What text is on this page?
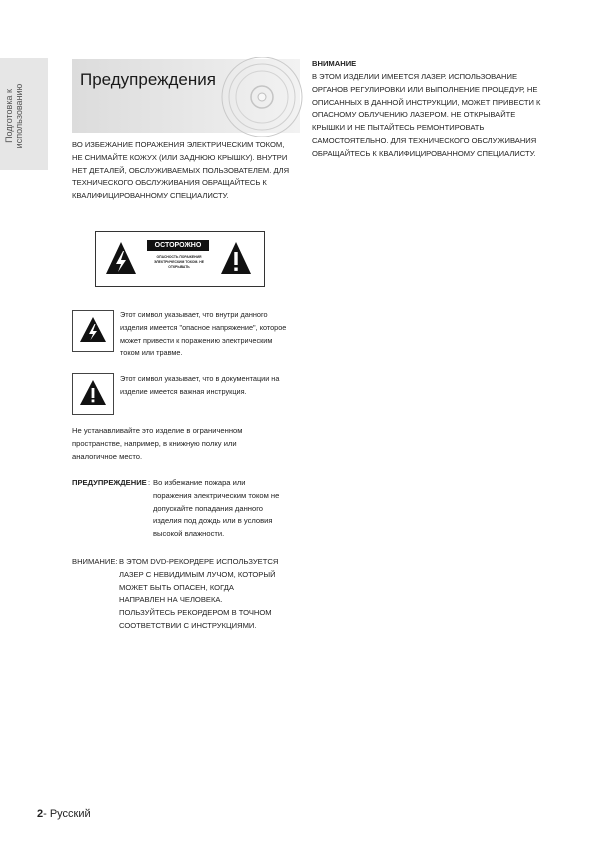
Подготовка к использованию
Предупреждения
ВО ИЗБЕЖАНИЕ ПОРАЖЕНИЯ ЭЛЕКТРИЧЕСКИМ ТОКОМ, НЕ СНИМАЙТЕ КОЖУХ (ИЛИ ЗАДНЮЮ КРЫШКУ). ВНУТРИ НЕТ ДЕТАЛЕЙ, ОБСЛУЖИВАЕМЫХ ПОЛЬЗОВАТЕЛЕМ. ДЛЯ ТЕХНИЧЕСКОГО ОБСЛУЖИВАНИЯ ОБРАЩАЙТЕСЬ К КВАЛИФИЦИРОВАННОМУ СПЕЦИАЛИСТУ.
ОСТОРОЖНО
ОПАСНОСТЬ ПОРАЖЕНИЯ ЭЛЕКТРИЧЕСКИМ ТОКОМ. НЕ ОТКРЫВАТЬ
Этот символ указывает, что внутри данного изделия имеется "опасное напряжение", которое может привести к поражению электрическим током или травме.
Этот символ указывает, что в документации на изделие имеется важная инструкция.
Не устанавливайте это изделие в ограниченном пространстве, например, в книжную полку или аналогичное место.
ПРЕДУПРЕЖДЕНИЕ : Во избежание пожара или
поражения электрическим током не
допускайте попадания данного
изделия под дождь или в условия
высокой влажности.
ВНИМАНИЕ: В ЭТОМ DVD-РЕКОРДЕРЕ ИСПОЛЬЗУЕТСЯ
ЛАЗЕР С НЕВИДИМЫМ ЛУЧОМ, КОТОРЫЙ
МОЖЕТ БЫТЬ ОПАСЕН, КОГДА
НАПРАВЛЕН НА ЧЕЛОВЕКА.
ПОЛЬЗУЙТЕСЬ РЕКОРДЕРОМ В ТОЧНОМ
СООТВЕТСТВИИ С ИНСТРУКЦИЯМИ.
ВНИМАНИЕ
В ЭТОМ ИЗДЕЛИИ ИМЕЕТСЯ ЛАЗЕР. ИСПОЛЬЗОВАНИЕ ОРГАНОВ РЕГУЛИРОВКИ ИЛИ ВЫПОЛНЕНИЕ ПРОЦЕДУР, НЕ ОПИСАННЫХ В ДАННОЙ ИНСТРУКЦИИ, МОЖЕТ ПРИВЕСТИ К ОПАСНОМУ ОБЛУЧЕНИЮ ЛАЗЕРОМ. НЕ ОТКРЫВАЙТЕ КРЫШКИ И НЕ ПЫТАЙТЕСЬ РЕМОНТИРОВАТЬ САМОСТОЯТЕЛЬНО. ДЛЯ ТЕХНИЧЕСКОГО ОБСЛУЖИВАНИЯ ОБРАЩАЙТЕСЬ К КВАЛИФИЦИРОВАННОМУ СПЕЦИАЛИСТУ.
2- Русский
